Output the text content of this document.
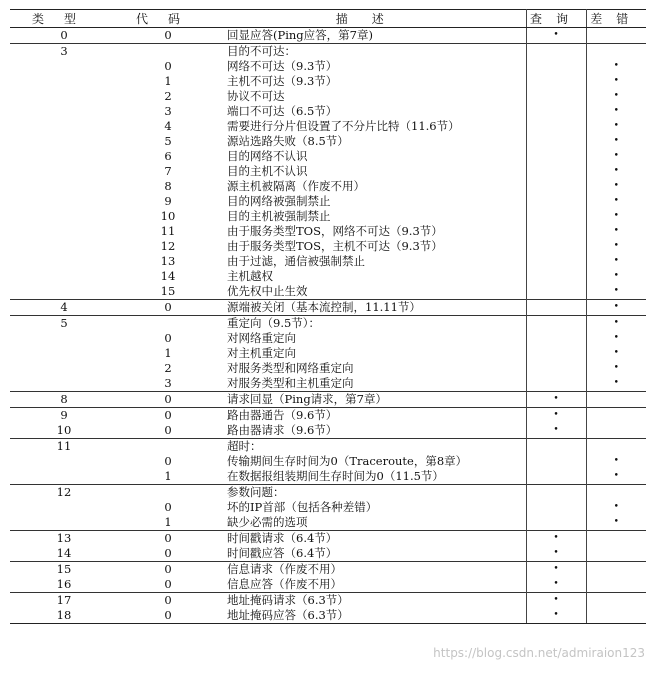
类型	代码	描述	查询	差错
0	0	回显应答(Ping应答，第7章)	•	
3		目的不可达：		
	0	网络不可达（9.3节）		•
	1	主机不可达（9.3节）		•
	2	协议不可达		•
	3	端口不可达（6.5节）		•
	4	需要进行分片但设置了不分片比特（11.6节）		•
	5	源站选路失败（8.5节）		•
	6	目的网络不认识		•
	7	目的主机不认识		•
	8	源主机被隔离（作废不用）		•
	9	目的网络被强制禁止		•
	10	目的主机被强制禁止		•
	11	由于服务类型TOS，网络不可达（9.3节）		•
	12	由于服务类型TOS，主机不可达（9.3节）		•
	13	由于过滤，通信被强制禁止		•
	14	主机越权		•
	15	优先权中止生效		•
4	0	源端被关闭（基本流控制，11.11节）		•
5		重定向（9.5节）：		•
	0	对网络重定向		•
	1	对主机重定向		•
	2	对服务类型和网络重定向		•
	3	对服务类型和主机重定向		•
8	0	请求回显（Ping请求，第7章）	•	
9	0	路由器通告（9.6节）	•	
10	0	路由器请求（9.6节）	•	
11		超时：		
	0	传输期间生存时间为0（Traceroute，第8章）		•
	1	在数据报组装期间生存时间为0（11.5节）		•
12		参数问题：		
	0	坏的IP首部（包括各种差错）		•
	1	缺少必需的选项		•
13	0	时间戳请求（6.4节）	•	
14	0	时间戳应答（6.4节）	•	
15	0	信息请求（作废不用）	•	
16	0	信息应答（作废不用）	•	
17	0	地址掩码请求（6.3节）	•	
18	0	地址掩码应答（6.3节）	•	
https://blog.csdn.net/admiraion123
